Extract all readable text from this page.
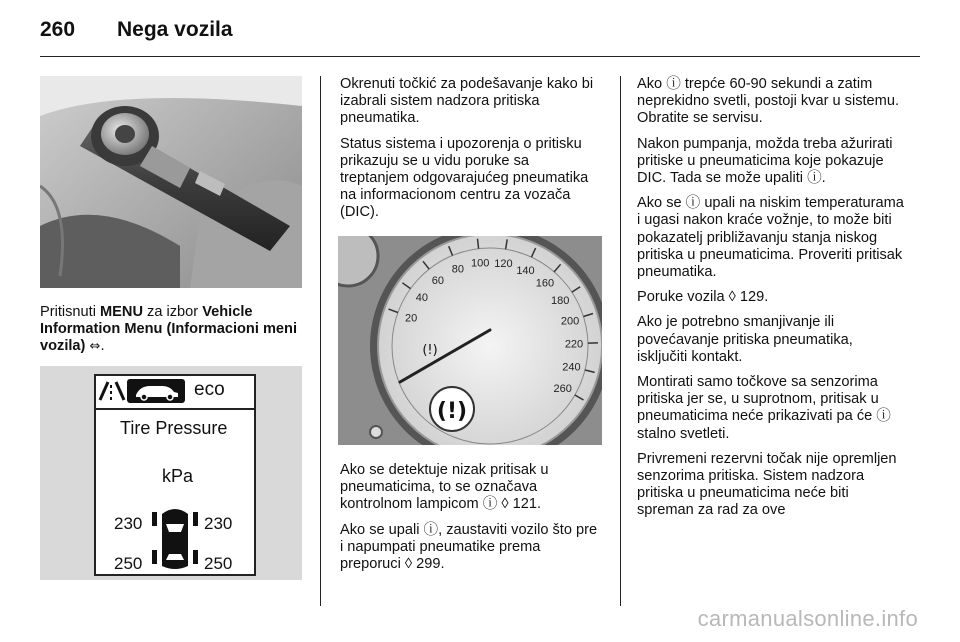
260 Nega vozila

Pritisnuti MENU za izbor Vehicle Information Menu (Informacioni meni vozila) ⇔.

eco
Tire Pressure
kPa
230	230
250	250

Okrenuti točkić za podešavanje kako bi izabrali sistem nadzora pritiska pneumatika.

Status sistema i upozorenja o pritisku prikazuju se u vidu poruke sa treptanjem odgovarajućeg pneumatika na informacionom centru za vozača (DIC).

20
40
60
80 100 120
140
160
180
200
220
240
260
(!)
(!)

Ako se detektuje nizak pritisak u pneumaticima, to se označava kontrolnom lampicom ⓘ ◊ 121.

Ako se upali ⓘ, zaustaviti vozilo što pre i napumpati pneumatike prema preporuci ◊ 299.

Ako ⓘ trepće 60-90 sekundi a zatim neprekidno svetli, postoji kvar u sistemu. Obratite se servisu.

Nakon pumpanja, možda treba ažurirati pritiske u pneumaticima koje pokazuje DIC. Tada se može upaliti ⓘ.

Ako se ⓘ upali na niskim temperaturama i ugasi nakon kraće vožnje, to može biti pokazatelj približavanju stanja niskog pritiska u pneumaticima. Proveriti pritisak pneumatika.

Poruke vozila ◊ 129.

Ako je potrebno smanjivanje ili povećavanje pritiska pneumatika, isključiti kontakt.

Montirati samo točkove sa senzorima pritiska jer se, u suprotnom, pritisak u pneumaticima neće prikazivati pa će ⓘ stalno svetleti.

Privremeni rezervni točak nije opremljen senzorima pritiska. Sistem nadzora pritiska u pneumaticima neće biti spreman za rad za ove

carmanualsonline.info
